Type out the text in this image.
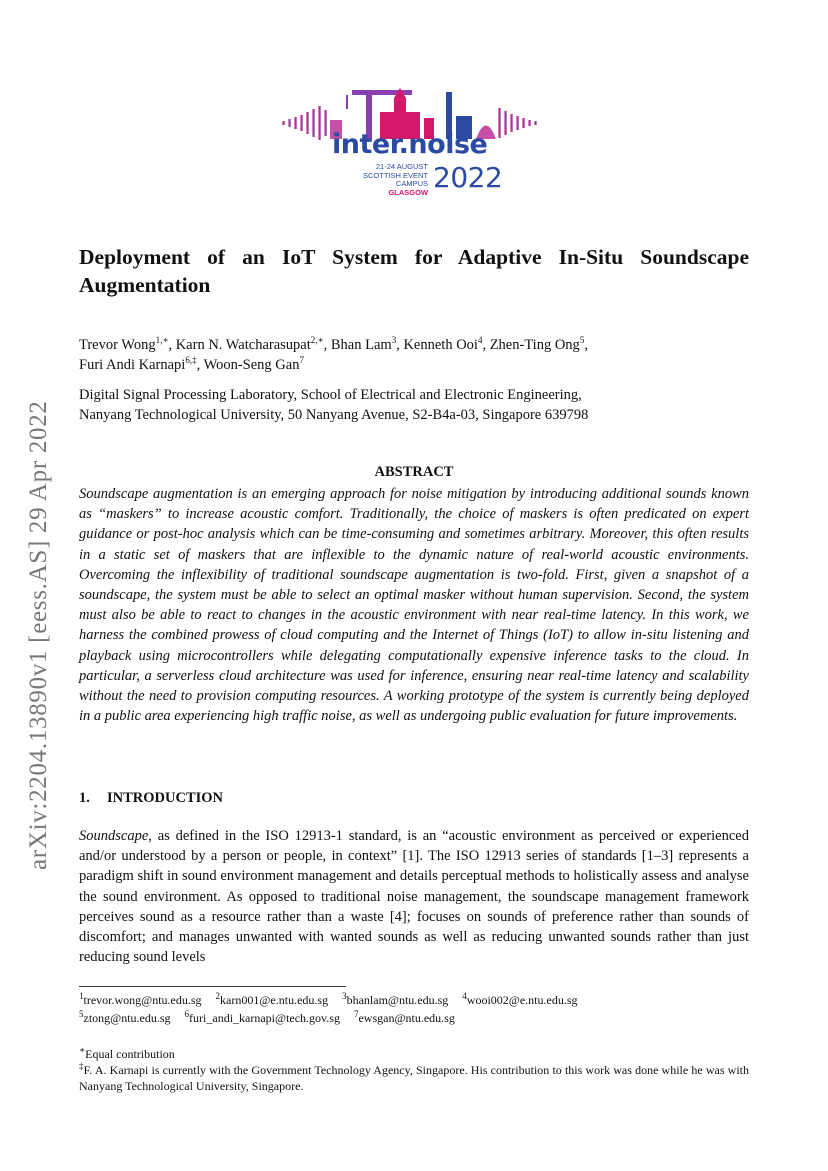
inter.noise
21-24 AUGUST
SCOTTISH EVENT CAMPUS
GLASGOW 2022
arXiv:2204.13890v1 [eess.AS] 29 Apr 2022
Deployment of an IoT System for Adaptive In-Situ Soundscape
Augmentation
Trevor Wong$^{1,∗}$, Karn N. Watcharasupat$^{2,∗}$, Bhan Lam$^3$, Kenneth Ooi$^4$, Zhen-Ting Ong$^5$,
Furi Andi Karnapi$^{6,\ddagger}$, Woon-Seng Gan$^7$
Digital Signal Processing Laboratory, School of Electrical and Electronic Engineering,
Nanyang Technological University, 50 Nanyang Avenue, S2-B4a-03, Singapore 639798
ABSTRACT
Soundscape augmentation is an emerging approach for noise mitigation by introducing additional sounds known as “maskers” to increase acoustic comfort. Traditionally, the choice of maskers is often predicated on expert guidance or post-hoc analysis which can be time-consuming and sometimes arbitrary. Moreover, this often results in a static set of maskers that are inflexible to the dynamic nature of real-world acoustic environments. Overcoming the inflexibility of traditional soundscape augmentation is two-fold. First, given a snapshot of a soundscape, the system must be able to select an optimal masker without human supervision. Second, the system must also be able to react to changes in the acoustic environment with near real-time latency. In this work, we harness the combined prowess of cloud computing and the Internet of Things (IoT) to allow in-situ listening and playback using microcontrollers while delegating computationally expensive inference tasks to the cloud. In particular, a serverless cloud architecture was used for inference, ensuring near real-time latency and scalability without the need to provision computing resources. A working prototype of the system is currently being deployed in a public area experiencing high traffic noise, as well as undergoing public evaluation for future improvements.
1. INTRODUCTION
Soundscape, as defined in the ISO 12913-1 standard, is an “acoustic environment as perceived or experienced and/or understood by a person or people, in context” [1]. The ISO 12913 series of standards [1–3] represents a paradigm shift in sound environment management and details perceptual methods to holistically assess and analyse the sound environment. As opposed to traditional noise management, the soundscape management framework perceives sound as a resource rather than a waste [4]; focuses on sounds of preference rather than sounds of discomfort; and manages unwanted with wanted sounds as well as reducing unwanted sounds rather than just reducing sound levels
$^1$trevor.wong@ntu.edu.sg $^2$karn001@e.ntu.edu.sg $^3$bhanlam@ntu.edu.sg $^4$wooi002@e.ntu.edu.sg
$^5$ztong@ntu.edu.sg $^6$furi_andi_karnapi@tech.gov.sg $^7$ewsgan@ntu.edu.sg
∗Equal contribution
‡F. A. Karnapi is currently with the Government Technology Agency, Singapore. His contribution to this work was done while he was with Nanyang Technological University, Singapore.
